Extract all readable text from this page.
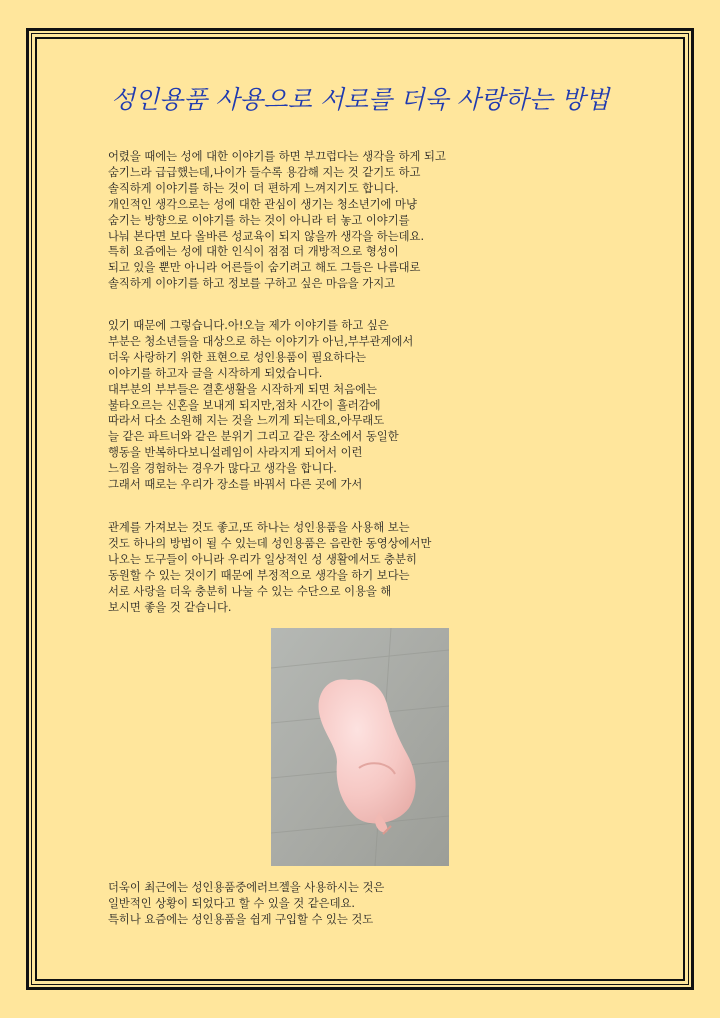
성인용품 사용으로 서로를 더욱 사랑하는 방법

어렸을 때에는 성에 대한 이야기를 하면 부끄럽다는 생각을 하게 되고
숨기느라 급급했는데,나이가 들수록 용감해 지는 것 같기도 하고
솔직하게 이야기를 하는 것이 더 편하게 느껴지기도 합니다.
개인적인 생각으로는 성에 대한 관심이 생기는 청소년기에 마냥
숨기는 방향으로 이야기를 하는 것이 아니라 터 놓고 이야기를
나눠 본다면 보다 올바른 성교육이 되지 않을까 생각을 하는데요.
특히 요즘에는 성에 대한 인식이 점점 더 개방적으로 형성이
되고 있을 뿐만 아니라 어른들이 숨기려고 해도 그들은 나름대로
솔직하게 이야기를 하고 정보를 구하고 싶은 마음을 가지고

있기 때문에 그렇습니다.아!오늘 제가 이야기를 하고 싶은
부분은 청소년들을 대상으로 하는 이야기가 아닌,부부관계에서
더욱 사랑하기 위한 표현으로 성인용품이 필요하다는
이야기를 하고자 글을 시작하게 되었습니다.
대부분의 부부들은 결혼생활을 시작하게 되면 처음에는
불타오르는 신혼을 보내게 되지만,점차 시간이 흘러감에
따라서 다소 소원해 지는 것을 느끼게 되는데요,아무래도
늘 같은 파트너와 같은 분위기 그리고 같은 장소에서 동일한
행동을 반복하다보니설레임이 사라지게 되어서 이런
느낌을 경험하는 경우가 많다고 생각을 합니다.
그래서 때로는 우리가 장소를 바꿔서 다른 곳에 가서

관계를 가져보는 것도 좋고,또 하나는 성인용품을 사용해 보는
것도 하나의 방법이 될 수 있는데 성인용품은 음란한 동영상에서만
나오는 도구들이 아니라 우리가 일상적인 성 생활에서도 충분히
동원할 수 있는 것이기 때문에 부정적으로 생각을 하기 보다는
서로 사랑을 더욱 충분히 나눌 수 있는 수단으로 이용을 해
보시면 좋을 것 같습니다.

더욱이 최근에는 성인용품중에러브젤을 사용하시는 것은
일반적인 상황이 되었다고 할 수 있을 것 같은데요.
특히나 요즘에는 성인용품을 쉽게 구입할 수 있는 것도
